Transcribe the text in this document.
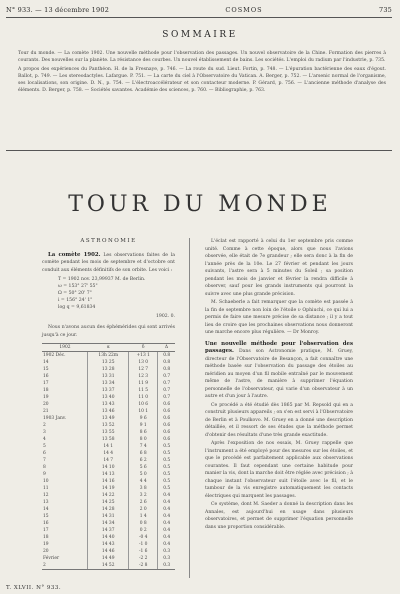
N° 933. — 13 décembre 1902	COSMOS	735
SOMMAIRE

Tour du monde. — La comète 1902. Une nouvelle méthode pour l'observation des passages. Un nouvel observatoire de la Chine. Formation des pierres à courants. Des nouvelles sur la planète. La résistance des courbes. Un nouvel établissement de bains. Les sociétés. L'emploi du radium par l'industrie, p. 735.

A propos des expériences du Panthéon. H. de la Fresnaye, p. 746. — La route du sud. Lieut. Fortin, p. 748. — L'épuration bactérienne des eaux d'égout. Ballot, p. 749. — Les stereodactyles. Lafargue. P. 751. — La carte du ciel à l'Observatoire du Vatican. A. Berger, p. 752. — L'arsenic normal de l'organisme, ses localisations, son origine. D. N., p. 754. — L'électroaccélérateur et son contacteur moderne. P. Gérard, p. 756. — L'ancienne méthode d'analyse des éléments. D. Berger, p. 758. — Sociétés savantes. Académie des sciences, p. 760. — Bibliographie, p. 763.

TOUR DU MONDE
ASTRONOMIE

La comète 1902. Les observations faites de la comète pendant les mois de septembre et d'octobre ont conduit aux éléments définitifs de son orbite. Les voici :

T = 1902 nov. 23,99937 M. de Berlin.
ω = 153° 27' 55"
Ω = 50° 20' 7"
i = 156° 24' 1"
log q = 9,61834
1902. 0.

Nous n'avons aucun des éphémérides qui sont arrivés jusqu'à ce jour.

1902	α	δ	Δ
1902 Déc.	13h 22m	+13 1	0.8
14	13 25	13 0	0.8
15	13 28	12 7	0.8
16	13 31	12 3	0.7
17	13 34	11 9	0.7
18	13 37	11 5	0.7
19	13 40	11 0	0.7
20	13 43	10 6	0.6
21	13 46	10 1	0.6
1903 Janv.	13 49	9 6	0.6
2	13 52	9 1	0.6
3	13 55	8 6	0.6
4	13 58	8 0	0.6
5	14 1	7 4	0.5
6	14 4	6 8	0.5
7	14 7	6 2	0.5
8	14 10	5 6	0.5
9	14 13	5 0	0.5
10	14 16	4 4	0.5
11	14 19	3 8	0.5
12	14 22	3 2	0.4
13	14 25	2 6	0.4
14	14 28	2 0	0.4
15	14 31	1 4	0.4
16	14 34	0 8	0.4
17	14 37	0 2	0.4
18	14 40	-0 4	0.4
19	14 43	-1 0	0.4
20	14 46	-1 6	0.3
Février	14 49	-2 2	0.3
2	14 52	-2 8	0.3

L'éclat est rapporté à celui du 1er septembre pris comme unité. Comme à cette époque, alors que nous l'avions observée, elle était de 7e grandeur ; elle sera donc à la fin de l'année près de la 10e. Le 27 février et pendant les jours suivants, l'astre sera à 5 minutes du Soleil ; sa position pendant les mois de janvier et février la rendra difficile à observer, sauf pour les grands instruments qui pourront la suivre avec une plus grande précision.

M. Schaeberle a fait remarquer que la comète est passée à la fin de septembre non loin de l'étoile ν Ophiuchi, ce qui lui a permis de faire une mesure précise de sa distance ; il y a tout lieu de croire que les prochaines observations nous donneront une marche encore plus régulière. — Dr Monroy.

Une nouvelle méthode pour l'observation des passages. Dans son Astronomie pratique, M. Gruey, directeur de l'Observatoire de Besançon, a fait connaître une méthode basée sur l'observation du passage des étoiles au méridien au moyen d'un fil mobile entraîné par le mouvement même de l'astre, de manière à supprimer l'équation personnelle de l'observateur, qui varie d'un observateur à un autre et d'un jour à l'autre.

Ce procédé a été étudié dès 1865 par M. Repsold qui en a construit plusieurs appareils ; on s'en est servi à l'Observatoire de Berlin et à Poulkovo. M. Gruey en a donné une description détaillée, et il ressort de ses études que la méthode permet d'obtenir des résultats d'une très grande exactitude.

Après l'exposition de nos essais, M. Gruey rappelle que l'instrument a été employé pour des mesures sur les étoiles, et que le procédé est parfaitement applicable aux observations courantes. Il faut cependant une certaine habitude pour manier la vis, dont la marche doit être réglée avec précision ; à chaque instant l'observateur suit l'étoile avec le fil, et le tambour de la vis enregistre automatiquement les contacts électriques qui marquent les passages.

Ce système, dont M. Saeder a donné la description dans les Annales, est aujourd'hui en usage dans plusieurs observatoires, et permet de supprimer l'équation personnelle dans une proportion considérable.

T. XLVII. N° 933.
